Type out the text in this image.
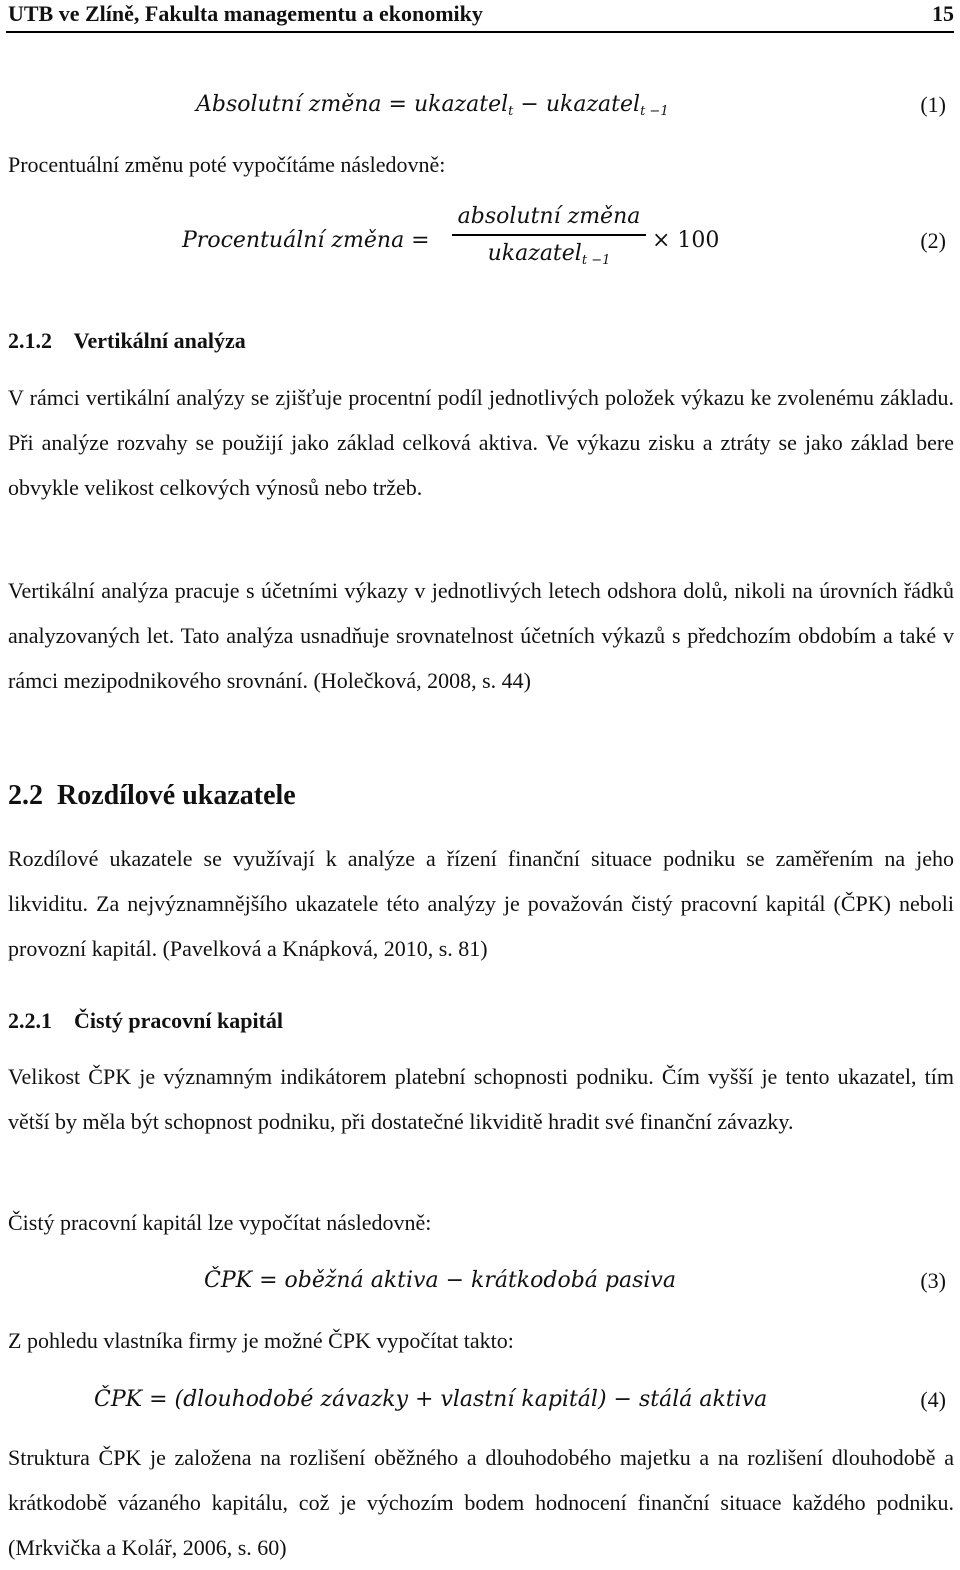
UTB ve Zlíně, Fakulta managementu a ekonomiky	15
Absolutní změna = ukazatel$_t$ − ukazatel$_{t -1}$	(1)
Procentuální změnu poté vypočítáme následovně:
Procentuální změna =
absolutní změna
ukazatel$_{t -1}$
× 100	(2)
2.1.2 Vertikální analýza

V rámci vertikální analýzy se zjišťuje procentní podíl jednotlivých položek výkazu ke zvolenému základu. Při analýze rozvahy se použijí jako základ celková aktiva. Ve výkazu zisku a ztráty se jako základ bere obvykle velikost celkových výnosů nebo tržeb.

Vertikální analýza pracuje s účetními výkazy v jednotlivých letech odshora dolů, nikoli na úrovních řádků analyzovaných let. Tato analýza usnadňuje srovnatelnost účetních výkazů s předchozím obdobím a také v rámci mezipodnikového srovnání. (Holečková, 2008, s. 44)

2.2 Rozdílové ukazatele

Rozdílové ukazatele se využívají k analýze a řízení finanční situace podniku se zaměřením na jeho likviditu. Za nejvýznamnějšího ukazatele této analýzy je považován čistý pracovní kapitál (ČPK) neboli provozní kapitál. (Pavelková a Knápková, 2010, s. 81)

2.2.1 Čistý pracovní kapitál

Velikost ČPK je významným indikátorem platební schopnosti podniku. Čím vyšší je tento ukazatel, tím větší by měla být schopnost podniku, při dostatečné likviditě hradit své finanční závazky.

Čistý pracovní kapitál lze vypočítat následovně:
ČPK = oběžná aktiva − krátkodobá pasiva	(3)
Z pohledu vlastníka firmy je možné ČPK vypočítat takto:
ČPK = (dlouhodobé závazky + vlastní kapitál) − stálá aktiva	(4)

Struktura ČPK je založena na rozlišení oběžného a dlouhodobého majetku a na rozlišení dlouhodobě a krátkodobě vázaného kapitálu, což je výchozím bodem hodnocení finanční situace každého podniku. (Mrkvička a Kolář, 2006, s. 60)
